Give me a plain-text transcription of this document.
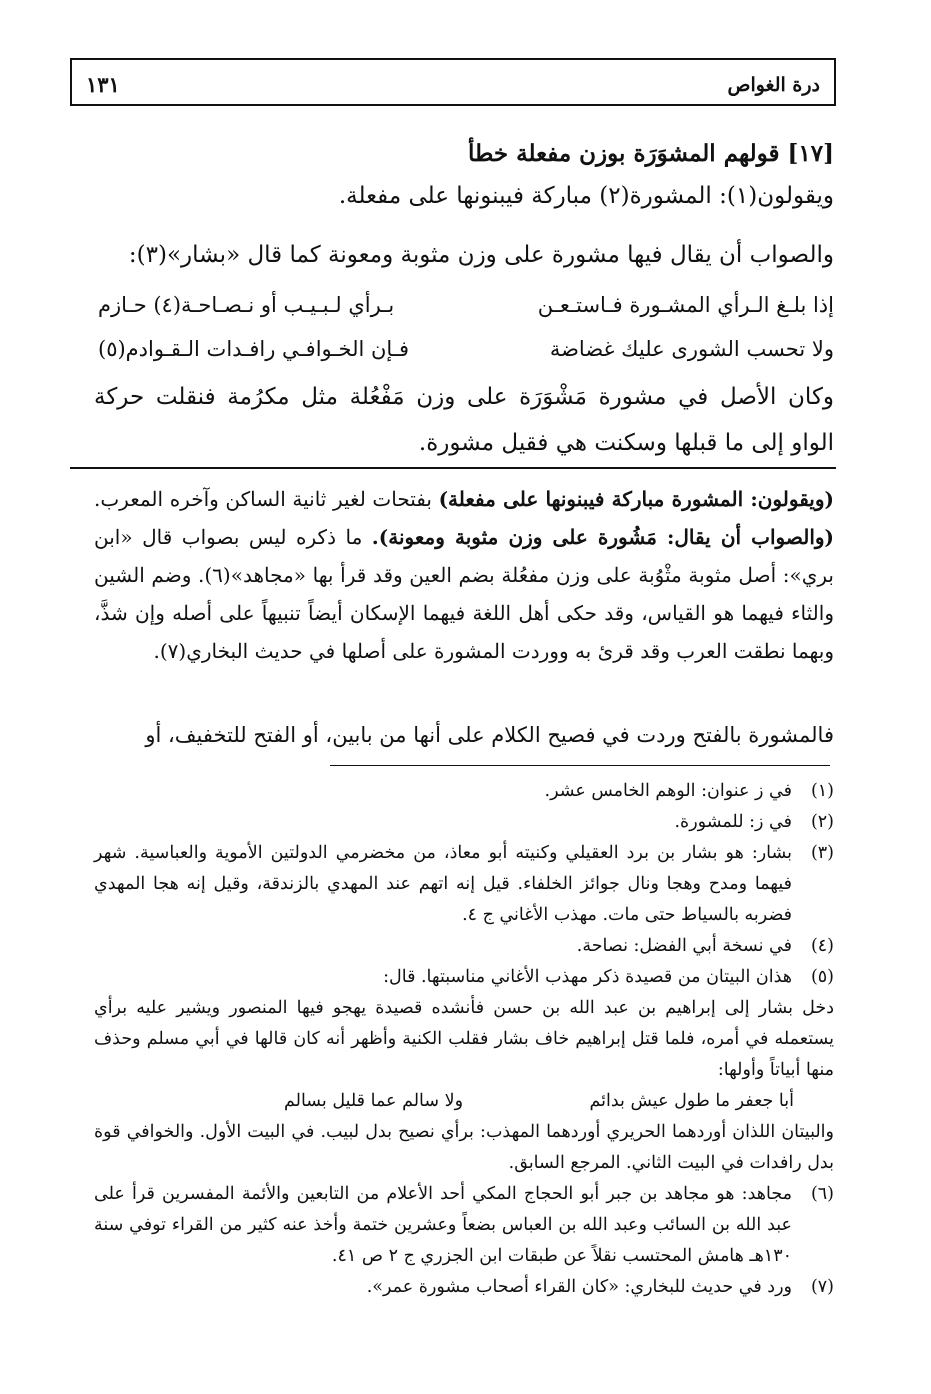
درة الغواص
١٣١
[١٧] قولهم المشوَرَة بوزن مفعلة خطأ
ويقولون(١): المشورة(٢) مباركة فيبنونها على مفعلة.
والصواب أن يقال فيها مشورة على وزن مثوبة ومعونة كما قال «بشار»(٣):
إذا بلـغ الـرأي المشـورة فـاستـعـن
بـرأي لـبـيـب أو نـصـاحـة(٤) حـازم
ولا تحسب الشورى عليك غضاضة
فـإن الخـوافـي رافـدات الـقـوادم(٥)
وكان الأصل في مشورة مَشْوَرَة على وزن مَفْعُلة مثل مكرُمة فنقلت حركة الواو إلى ما قبلها وسكنت هي فقيل مشورة.
(ويقولون: المشورة مباركة فيبنونها على مفعلة) بفتحات لغير ثانية الساكن وآخره المعرب. (والصواب أن يقال: مَشُورة على وزن مثوبة ومعونة). ما ذكره ليس بصواب قال «ابن بري»: أصل مثوبة مثْوُبة على وزن مفعُلة بضم العين وقد قرأ بها «مجاهد»(٦). وضم الشين والثاء فيهما هو القياس، وقد حكى أهل اللغة فيهما الإسكان أيضاً تنبيهاً على أصله وإن شذَّ، وبهما نطقت العرب وقد قرئ به ووردت المشورة على أصلها في حديث البخاري(٧).
فالمشورة بالفتح وردت في فصيح الكلام على أنها من بابين، أو الفتح للتخفيف، أو
(١)
في ز عنوان: الوهم الخامس عشر.
(٢)
في ز: للمشورة.
(٣)
بشار: هو بشار بن برد العقيلي وكنيته أبو معاذ، من مخضرمي الدولتين الأموية والعباسية. شهر فيهما ومدح وهجا ونال جوائز الخلفاء. قيل إنه اتهم عند المهدي بالزندقة، وقيل إنه هجا المهدي فضربه بالسياط حتى مات. مهذب الأغاني ج ٤.
(٤)
في نسخة أبي الفضل: نصاحة.
(٥)
هذان البيتان من قصيدة ذكر مهذب الأغاني مناسبتها. قال:
دخل بشار إلى إبراهيم بن عبد الله بن حسن فأنشده قصيدة يهجو فيها المنصور ويشير عليه برأي يستعمله في أمره، فلما قتل إبراهيم خاف بشار فقلب الكنية وأظهر أنه كان قالها في أبي مسلم وحذف منها أبياتاً وأولها:
أبا جعفر ما طول عيش بدائم
ولا سالم عما قليل بسالم
والبيتان اللذان أوردهما الحريري أوردهما المهذب: برأي نصيح بدل لبيب. في البيت الأول. والخوافي قوة بدل رافدات في البيت الثاني. المرجع السابق.
(٦)
مجاهد: هو مجاهد بن جبر أبو الحجاج المكي أحد الأعلام من التابعين والأئمة المفسرين قرأ على عبد الله بن السائب وعبد الله بن العباس بضعاً وعشرين ختمة وأخذ عنه كثير من القراء توفي سنة ١٣٠هـ هامش المحتسب نقلاً عن طبقات ابن الجزري ج ٢ ص ٤١.
(٧)
ورد في حديث للبخاري: «كان القراء أصحاب مشورة عمر».
